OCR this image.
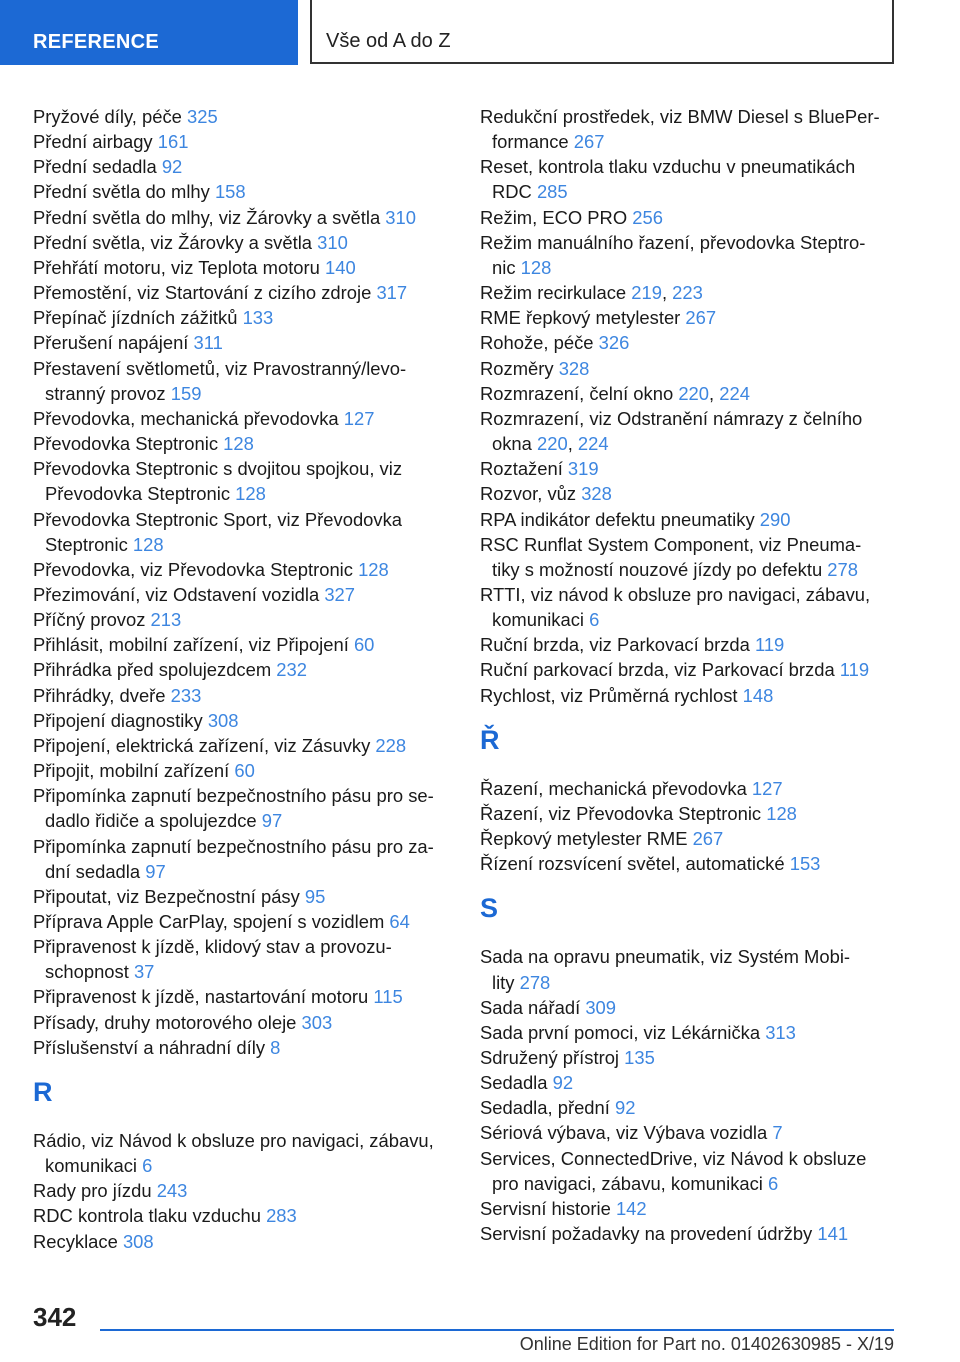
REFERENCE	Vše od A do Z
Pryžové díly, péče 325
Přední airbagy 161
Přední sedadla 92
Přední světla do mlhy 158
Přední světla do mlhy, viz Žárovky a světla 310
Přední světla, viz Žárovky a světla 310
Přehřátí motoru, viz Teplota motoru 140
Přemostění, viz Startování z cizího zdroje 317
Přepínač jízdních zážitků 133
Přerušení napájení 311
Přestavení světlometů, viz Pravostranný/levo-
stranný provoz 159
Převodovka, mechanická převodovka 127
Převodovka Steptronic 128
Převodovka Steptronic s dvojitou spojkou, viz
Převodovka Steptronic 128
Převodovka Steptronic Sport, viz Převodovka
Steptronic 128
Převodovka, viz Převodovka Steptronic 128
Přezimování, viz Odstavení vozidla 327
Příčný provoz 213
Přihlásit, mobilní zařízení, viz Připojení 60
Přihrádka před spolujezdcem 232
Přihrádky, dveře 233
Připojení diagnostiky 308
Připojení, elektrická zařízení, viz Zásuvky 228
Připojit, mobilní zařízení 60
Připomínka zapnutí bezpečnostního pásu pro se-
dadlo řidiče a spolujezdce 97
Připomínka zapnutí bezpečnostního pásu pro za-
dní sedadla 97
Připoutat, viz Bezpečnostní pásy 95
Příprava Apple CarPlay, spojení s vozidlem 64
Připravenost k jízdě, klidový stav a provozu-
schopnost 37
Připravenost k jízdě, nastartování motoru 115
Přísady, druhy motorového oleje 303
Příslušenství a náhradní díly 8
R
Rádio, viz Návod k obsluze pro navigaci, zábavu,
komunikaci 6
Rady pro jízdu 243
RDC kontrola tlaku vzduchu 283
Recyklace 308
Redukční prostředek, viz BMW Diesel s BluePer-
formance 267
Reset, kontrola tlaku vzduchu v pneumatikách
RDC 285
Režim, ECO PRO 256
Režim manuálního řazení, převodovka Steptro-
nic 128
Režim recirkulace 219, 223
RME řepkový metylester 267
Rohože, péče 326
Rozměry 328
Rozmrazení, čelní okno 220, 224
Rozmrazení, viz Odstranění námrazy z čelního
okna 220, 224
Roztažení 319
Rozvor, vůz 328
RPA indikátor defektu pneumatiky 290
RSC Runflat System Component, viz Pneuma-
tiky s možností nouzové jízdy po defektu 278
RTTI, viz návod k obsluze pro navigaci, zábavu,
komunikaci 6
Ruční brzda, viz Parkovací brzda 119
Ruční parkovací brzda, viz Parkovací brzda 119
Rychlost, viz Průměrná rychlost 148
Ř
Řazení, mechanická převodovka 127
Řazení, viz Převodovka Steptronic 128
Řepkový metylester RME 267
Řízení rozsvícení světel, automatické 153
S
Sada na opravu pneumatik, viz Systém Mobi-
lity 278
Sada nářadí 309
Sada první pomoci, viz Lékárnička 313
Sdružený přístroj 135
Sedadla 92
Sedadla, přední 92
Sériová výbava, viz Výbava vozidla 7
Services, ConnectedDrive, viz Návod k obsluze
pro navigaci, zábavu, komunikaci 6
Servisní historie 142
Servisní požadavky na provedení údržby 141
342
Online Edition for Part no. 01402630985 - X/19
